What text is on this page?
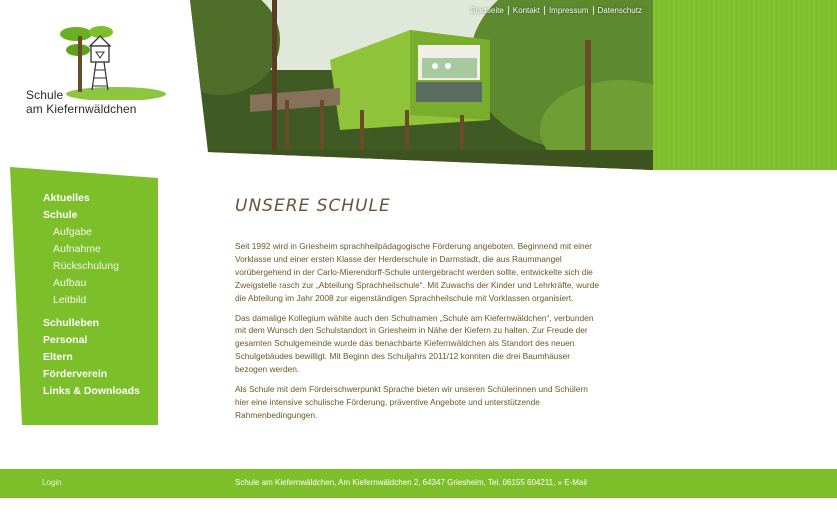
Schule
am Kiefernwäldchen
Startseite	Kontakt	Impressum	Datenschutz
Aktuelles
Schule
Aufgabe
Aufnahme
Rückschulung
Aufbau
Leitbild
Schulleben
Personal
Eltern
Förderverein
Links & Downloads
UNSERE SCHULE

Seit 1992 wird in Griesheim sprachheilpädagogische Förderung angeboten. Beginnend mit einer Vorklasse und einer ersten Klasse der Herderschule in Darmstadt, die aus Raummangel vorübergehend in der Carlo-Mierendorff-Schule untergebracht werden sollte, entwickelte sich die Zweigstelle rasch zur „Abteilung Sprachheilschule“. Mit Zuwachs der Kinder und Lehrkräfte, wurde die Abteilung im Jahr 2008 zur eigenständigen Sprachheilschule mit Vorklassen organisiert.

Das damalige Kollegium wählte auch den Schulnamen „Schule am Kiefernwäldchen“, verbunden mit dem Wunsch den Schulstandort in Griesheim in Nähe der Kiefern zu halten. Zur Freude der gesamten Schulgemeinde wurde das benachbarte Kiefernwäldchen als Standort des neuen Schulgebäudes bewilligt. Mit Beginn des Schuljahrs 2011/12 konnten die drei Baumhäuser bezogen werden.

Als Schule mit dem Förderschwerpunkt Sprache bieten wir unseren Schülerinnen und Schülern hier eine intensive schulische Förderung, präventive Angebote und unterstützende Rahmenbedingungen.

Login	Schule am Kiefernwäldchen, Am Kiefernwäldchen 2, 64347 Griesheim, Tel. 06155 604211, » E-Mail
